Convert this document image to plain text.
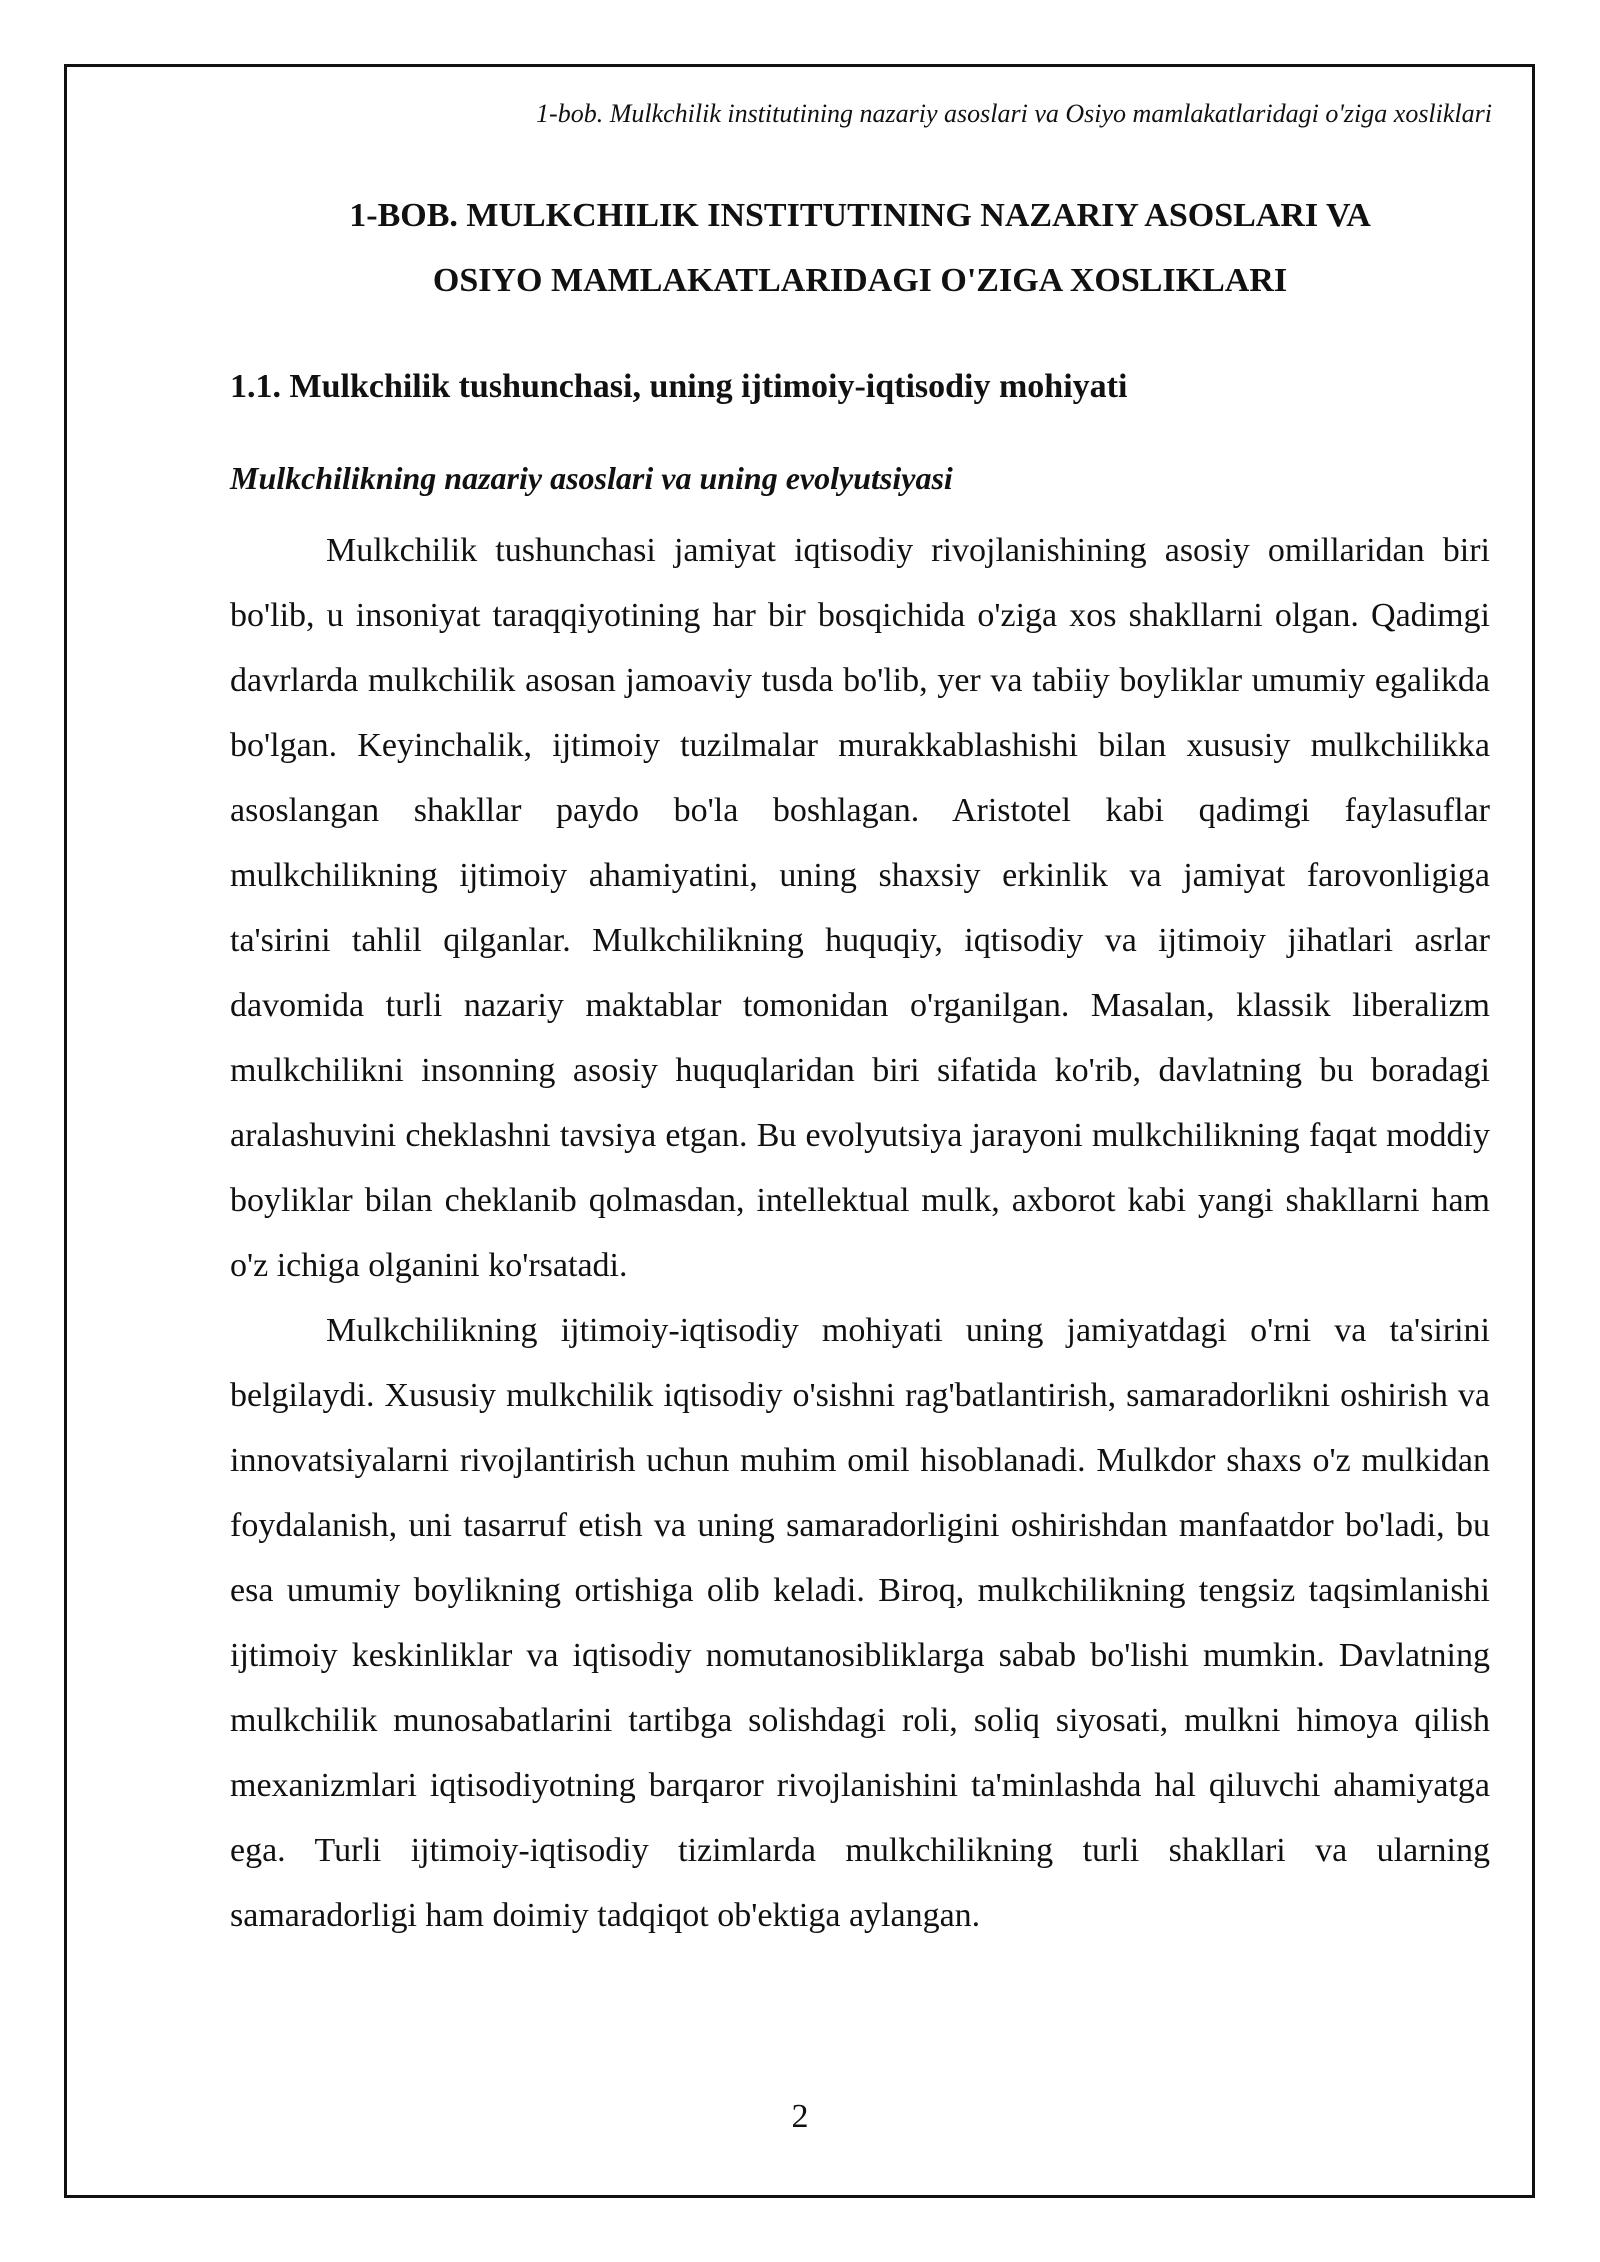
1-bob. Mulkchilik institutining nazariy asoslari va Osiyo mamlakatlaridagi o'ziga xosliklari
1-BOB. MULKCHILIK INSTITUTINING NAZARIY ASOSLARI VA
OSIYO MAMLAKATLARIDAGI O'ZIGA XOSLIKLARI
1.1. Mulkchilik tushunchasi, uning ijtimoiy-iqtisodiy mohiyati
Mulkchilikning nazariy asoslari va uning evolyutsiyasi

Mulkchilik tushunchasi jamiyat iqtisodiy rivojlanishining asosiy omillaridan biri bo'lib, u insoniyat taraqqiyotining har bir bosqichida o'ziga xos shakllarni olgan. Qadimgi davrlarda mulkchilik asosan jamoaviy tusda bo'lib, yer va tabiiy boyliklar umumiy egalikda bo'lgan. Keyinchalik, ijtimoiy tuzilmalar murakkablashishi bilan xususiy mulkchilikka asoslangan shakllar paydo bo'la boshlagan. Aristotel kabi qadimgi faylasuflar mulkchilikning ijtimoiy ahamiyatini, uning shaxsiy erkinlik va jamiyat farovonligiga ta'sirini tahlil qilganlar. Mulkchilikning huquqiy, iqtisodiy va ijtimoiy jihatlari asrlar davomida turli nazariy maktablar tomonidan o'rganilgan. Masalan, klassik liberalizm mulkchilikni insonning asosiy huquqlaridan biri sifatida ko'rib, davlatning bu boradagi aralashuvini cheklashni tavsiya etgan. Bu evolyutsiya jarayoni mulkchilikning faqat moddiy boyliklar bilan cheklanib qolmasdan, intellektual mulk, axborot kabi yangi shakllarni ham o'z ichiga olganini ko'rsatadi.

Mulkchilikning ijtimoiy-iqtisodiy mohiyati uning jamiyatdagi o'rni va ta'sirini belgilaydi. Xususiy mulkchilik iqtisodiy o'sishni rag'batlantirish, samaradorlikni oshirish va innovatsiyalarni rivojlantirish uchun muhim omil hisoblanadi. Mulkdor shaxs o'z mulkidan foydalanish, uni tasarruf etish va uning samaradorligini oshirishdan manfaatdor bo'ladi, bu esa umumiy boylikning ortishiga olib keladi. Biroq, mulkchilikning tengsiz taqsimlanishi ijtimoiy keskinliklar va iqtisodiy nomutanosibliklarga sabab bo'lishi mumkin. Davlatning mulkchilik munosabatlarini tartibga solishdagi roli, soliq siyosati, mulkni himoya qilish mexanizmlari iqtisodiyotning barqaror rivojlanishini ta'minlashda hal qiluvchi ahamiyatga ega. Turli ijtimoiy-iqtisodiy tizimlarda mulkchilikning turli shakllari va ularning samaradorligi ham doimiy tadqiqot ob'ektiga aylangan.

2
